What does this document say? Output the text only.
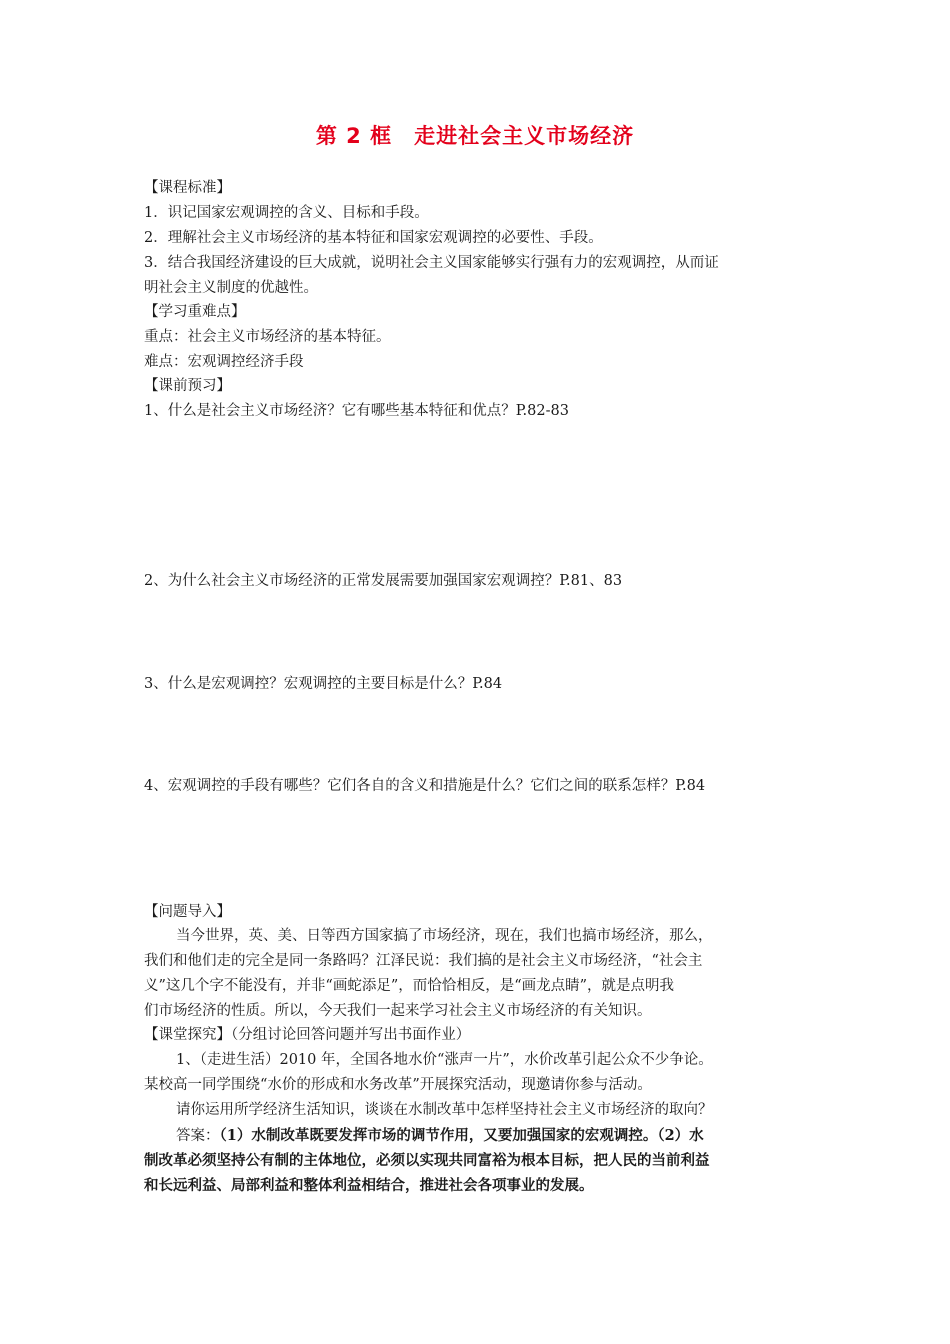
第 2 框　走进社会主义市场经济
【课程标准】
1．识记国家宏观调控的含义、目标和手段。
2．理解社会主义市场经济的基本特征和国家宏观调控的必要性、手段。
3．结合我国经济建设的巨大成就，说明社会主义国家能够实行强有力的宏观调控，从而证
明社会主义制度的优越性。
【学习重难点】
重点：社会主义市场经济的基本特征。
难点：宏观调控经济手段
【课前预习】
1、什么是社会主义市场经济？它有哪些基本特征和优点？P.82-83
2、为什么社会主义市场经济的正常发展需要加强国家宏观调控？P.81、83
3、什么是宏观调控？宏观调控的主要目标是什么？P.84
4、宏观调控的手段有哪些？它们各自的含义和措施是什么？它们之间的联系怎样？P.84
【问题导入】
当今世界，英、美、日等西方国家搞了市场经济，现在，我们也搞市场经济，那么，
我们和他们走的完全是同一条路吗？江泽民说：我们搞的是社会主义市场经济，“社会主
义”这几个字不能没有，并非“画蛇添足”，而恰恰相反，是“画龙点睛”，就是点明我
们市场经济的性质。所以，今天我们一起来学习社会主义市场经济的有关知识。
【课堂探究】（分组讨论回答问题并写出书面作业）
1、（走进生活）2010 年，全国各地水价“涨声一片”，水价改革引起公众不少争论。
某校高一同学围绕“水价的形成和水务改革”开展探究活动，现邀请你参与活动。
请你运用所学经济生活知识，谈谈在水制改革中怎样坚持社会主义市场经济的取向？
答案：（1）水制改革既要发挥市场的调节作用，又要加强国家的宏观调控。（2）水
制改革必须坚持公有制的主体地位，必须以实现共同富裕为根本目标，把人民的当前利益
和长远利益、局部利益和整体利益相结合，推进社会各项事业的发展。
